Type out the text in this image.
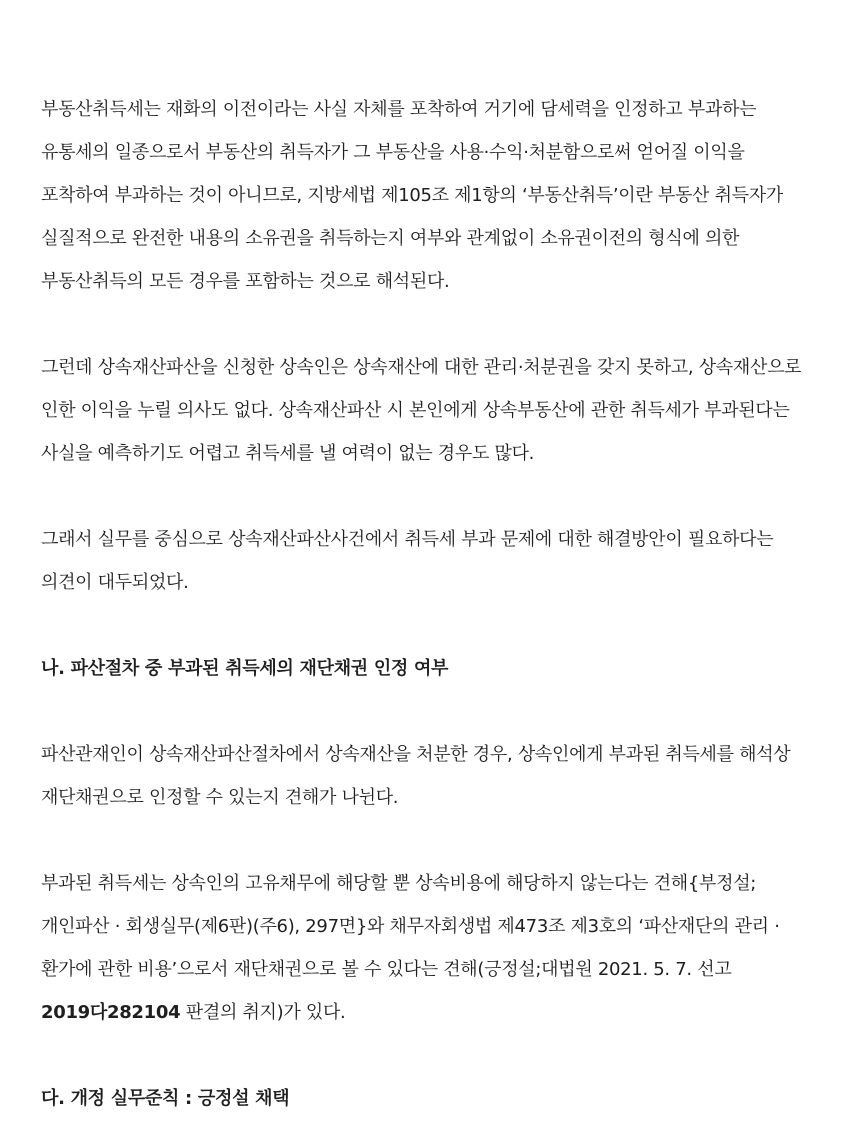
부동산취득세는 재화의 이전이라는 사실 자체를 포착하여 거기에 담세력을 인정하고 부과하는 유통세의 일종으로서 부동산의 취득자가 그 부동산을 사용·수익·처분함으로써 얻어질 이익을 포착하여 부과하는 것이 아니므로, 지방세법 제105조 제1항의 ‘부동산취득’이란 부동산 취득자가 실질적으로 완전한 내용의 소유권을 취득하는지 여부와 관계없이 소유권이전의 형식에 의한 부동산취득의 모든 경우를 포함하는 것으로 해석된다.

그런데 상속재산파산을 신청한 상속인은 상속재산에 대한 관리·처분권을 갖지 못하고, 상속재산으로 인한 이익을 누릴 의사도 없다. 상속재산파산 시 본인에게 상속부동산에 관한 취득세가 부과된다는 사실을 예측하기도 어렵고 취득세를 낼 여력이 없는 경우도 많다.

그래서 실무를 중심으로 상속재산파산사건에서 취득세 부과 문제에 대한 해결방안이 필요하다는 의견이 대두되었다.

나. 파산절차 중 부과된 취득세의 재단채권 인정 여부

파산관재인이 상속재산파산절차에서 상속재산을 처분한 경우, 상속인에게 부과된 취득세를 해석상 재단채권으로 인정할 수 있는지 견해가 나뉜다.

부과된 취득세는 상속인의 고유채무에 해당할 뿐 상속비용에 해당하지 않는다는 견해{부정설; 개인파산 · 회생실무(제6판)(주6), 297면}와 채무자회생법 제473조 제3호의 ‘파산재단의 관리 · 환가에 관한 비용’으로서 재단채권으로 볼 수 있다는 견해(긍정설;대법원 2021. 5. 7. 선고 2019다282104 판결의 취지)가 있다.

다. 개정 실무준칙 : 긍정설 채택
